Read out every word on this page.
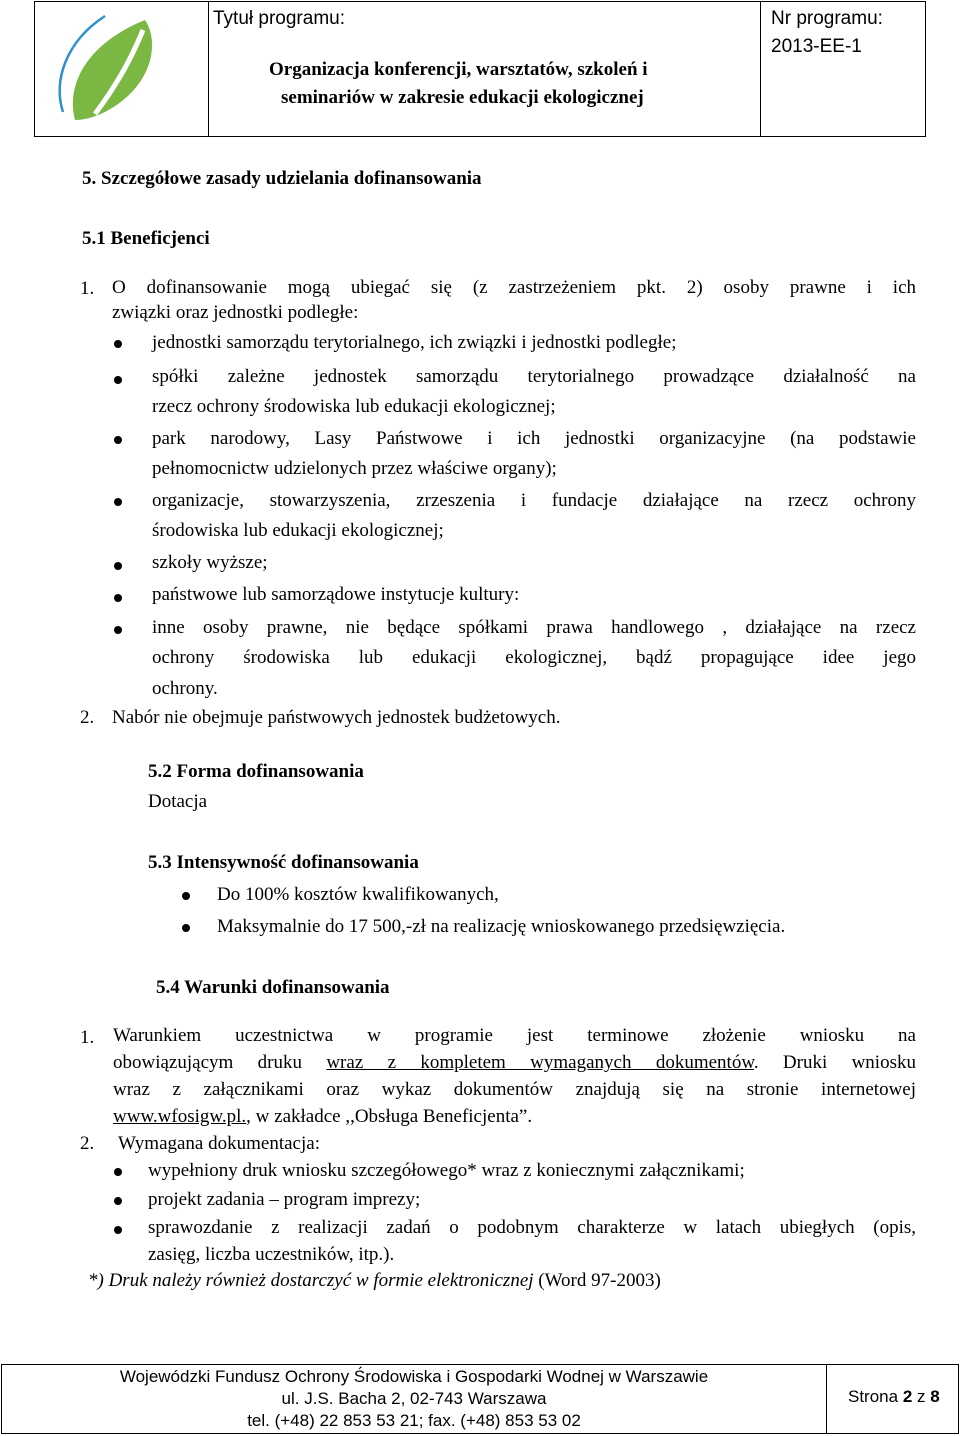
Tytuł programu:
Organizacja konferencji, warsztatów, szkoleń i
seminariów w zakresie edukacji ekologicznej
Nr programu:
2013-EE-1
5. Szczegółowe zasady udzielania dofinansowania
5.1 Beneficjenci
1. O dofinansowanie mogą ubiegać się (z zastrzeżeniem pkt. 2) osoby prawne i ich
związki oraz jednostki podległe:
jednostki samorządu terytorialnego, ich związki i jednostki podległe;
spółki zależne jednostek samorządu terytorialnego prowadzące działalność na
rzecz ochrony środowiska lub edukacji ekologicznej;
park narodowy, Lasy Państwowe i ich jednostki organizacyjne (na podstawie
pełnomocnictw udzielonych przez właściwe organy);
organizacje, stowarzyszenia, zrzeszenia i fundacje działające na rzecz ochrony
środowiska lub edukacji ekologicznej;
szkoły wyższe;
państwowe lub samorządowe instytucje kultury:
inne osoby prawne, nie będące spółkami prawa handlowego , działające na rzecz
ochrony środowiska lub edukacji ekologicznej, bądź propagujące idee jego
ochrony.
2. Nabór nie obejmuje państwowych jednostek budżetowych.
5.2 Forma dofinansowania
Dotacja
5.3 Intensywność dofinansowania
Do 100% kosztów kwalifikowanych,
Maksymalnie do 17 500,-zł na realizację wnioskowanego przedsięwzięcia.
5.4 Warunki dofinansowania
1. Warunkiem uczestnictwa w programie jest terminowe złożenie wniosku na
obowiązującym druku wraz z kompletem wymaganych dokumentów. Druki wniosku
wraz z załącznikami oraz wykaz dokumentów znajdują się na stronie internetowej
www.wfosigw.pl., w zakładce ,,Obsługa Beneficjenta”.
2. Wymagana dokumentacja:
wypełniony druk wniosku szczegółowego* wraz z koniecznymi załącznikami;
projekt zadania – program imprezy;
sprawozdanie z realizacji zadań o podobnym charakterze w latach ubiegłych (opis,
zasięg, liczba uczestników, itp.).
*) Druk należy również dostarczyć w formie elektronicznej (Word 97-2003)
Wojewódzki Fundusz Ochrony Środowiska i Gospodarki Wodnej w Warszawie
ul. J.S. Bacha 2, 02-743 Warszawa
tel. (+48) 22 853 53 21; fax. (+48) 853 53 02
Strona 2 z 8
